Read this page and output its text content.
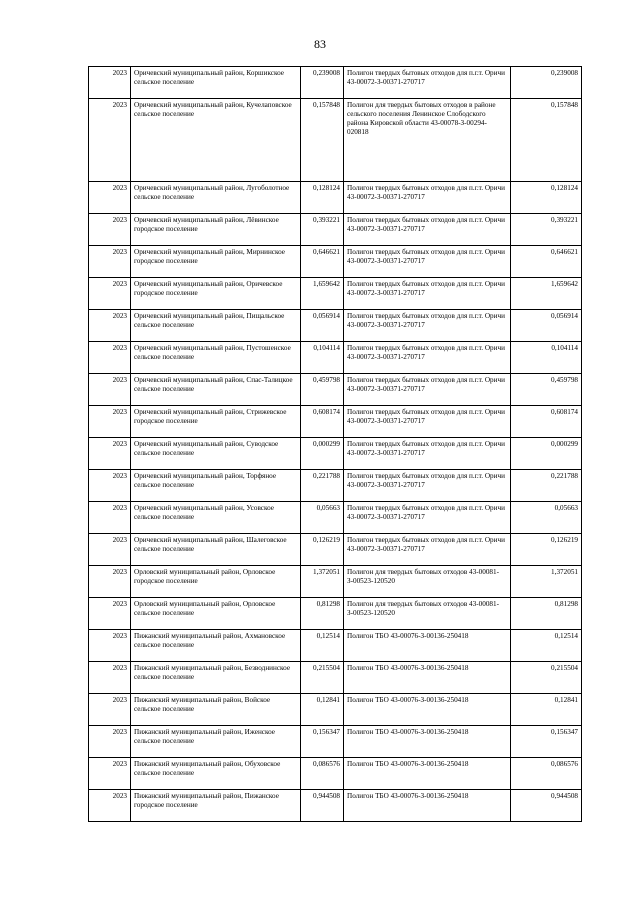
83
2023	Оричевский муниципальный район, Коршикское сельское поселение	0,239008	Полигон твердых бытовых отходов для п.г.т. Оричи 43-00072-З-00371-270717	0,239008
2023	Оричевский муниципальный район, Кучелаповское сельское поселение	0,157848	Полигон для твердых бытовых отходов в районе сельского поселения Ленинское Слободского района Кировской области 43-00078-З-00294-020818	0,157848
2023	Оричевский муниципальный район, Лугоболотное сельское поселение	0,128124	Полигон твердых бытовых отходов для п.г.т. Оричи 43-00072-З-00371-270717	0,128124
2023	Оричевский муниципальный район, Лёвинское городское поселение	0,393221	Полигон твердых бытовых отходов для п.г.т. Оричи 43-00072-З-00371-270717	0,393221
2023	Оричевский муниципальный район, Мирнинское городское поселение	0,646621	Полигон твердых бытовых отходов для п.г.т. Оричи 43-00072-З-00371-270717	0,646621
2023	Оричевский муниципальный район, Оричевское городское поселение	1,659642	Полигон твердых бытовых отходов для п.г.т. Оричи 43-00072-З-00371-270717	1,659642
2023	Оричевский муниципальный район, Пищальское сельское поселение	0,056914	Полигон твердых бытовых отходов для п.г.т. Оричи 43-00072-З-00371-270717	0,056914
2023	Оричевский муниципальный район, Пустошенское сельское поселение	0,104114	Полигон твердых бытовых отходов для п.г.т. Оричи 43-00072-З-00371-270717	0,104114
2023	Оричевский муниципальный район, Спас-Талицкое сельское поселение	0,459798	Полигон твердых бытовых отходов для п.г.т. Оричи 43-00072-З-00371-270717	0,459798
2023	Оричевский муниципальный район, Стрижевское городское поселение	0,608174	Полигон твердых бытовых отходов для п.г.т. Оричи 43-00072-З-00371-270717	0,608174
2023	Оричевский муниципальный район, Суводское сельское поселение	0,000299	Полигон твердых бытовых отходов для п.г.т. Оричи 43-00072-З-00371-270717	0,000299
2023	Оричевский муниципальный район, Торфяное сельское поселение	0,221788	Полигон твердых бытовых отходов для п.г.т. Оричи 43-00072-З-00371-270717	0,221788
2023	Оричевский муниципальный район, Усовское сельское поселение	0,05663	Полигон твердых бытовых отходов для п.г.т. Оричи 43-00072-З-00371-270717	0,05663
2023	Оричевский муниципальный район, Шалеговское сельское поселение	0,126219	Полигон твердых бытовых отходов для п.г.т. Оричи 43-00072-З-00371-270717	0,126219
2023	Орловский муниципальный район, Орловское городское поселение	1,372051	Полигон для твердых бытовых отходов 43-00081-З-00523-120520	1,372051
2023	Орловский муниципальный район, Орловское сельское поселение	0,81298	Полигон для твердых бытовых отходов 43-00081-З-00523-120520	0,81298
2023	Пижанский муниципальный район, Ахмановское сельское поселение	0,12514	Полигон ТБО 43-00076-З-00136-250418	0,12514
2023	Пижанский муниципальный район, Безводнинское сельское поселение	0,215504	Полигон ТБО 43-00076-З-00136-250418	0,215504
2023	Пижанский муниципальный район, Войское сельское поселение	0,12841	Полигон ТБО 43-00076-З-00136-250418	0,12841
2023	Пижанский муниципальный район, Иженское сельское поселение	0,156347	Полигон ТБО 43-00076-З-00136-250418	0,156347
2023	Пижанский муниципальный район, Обуховское сельское поселение	0,086576	Полигон ТБО 43-00076-З-00136-250418	0,086576
2023	Пижанский муниципальный район, Пижанское городское поселение	0,944508	Полигон ТБО 43-00076-З-00136-250418	0,944508
